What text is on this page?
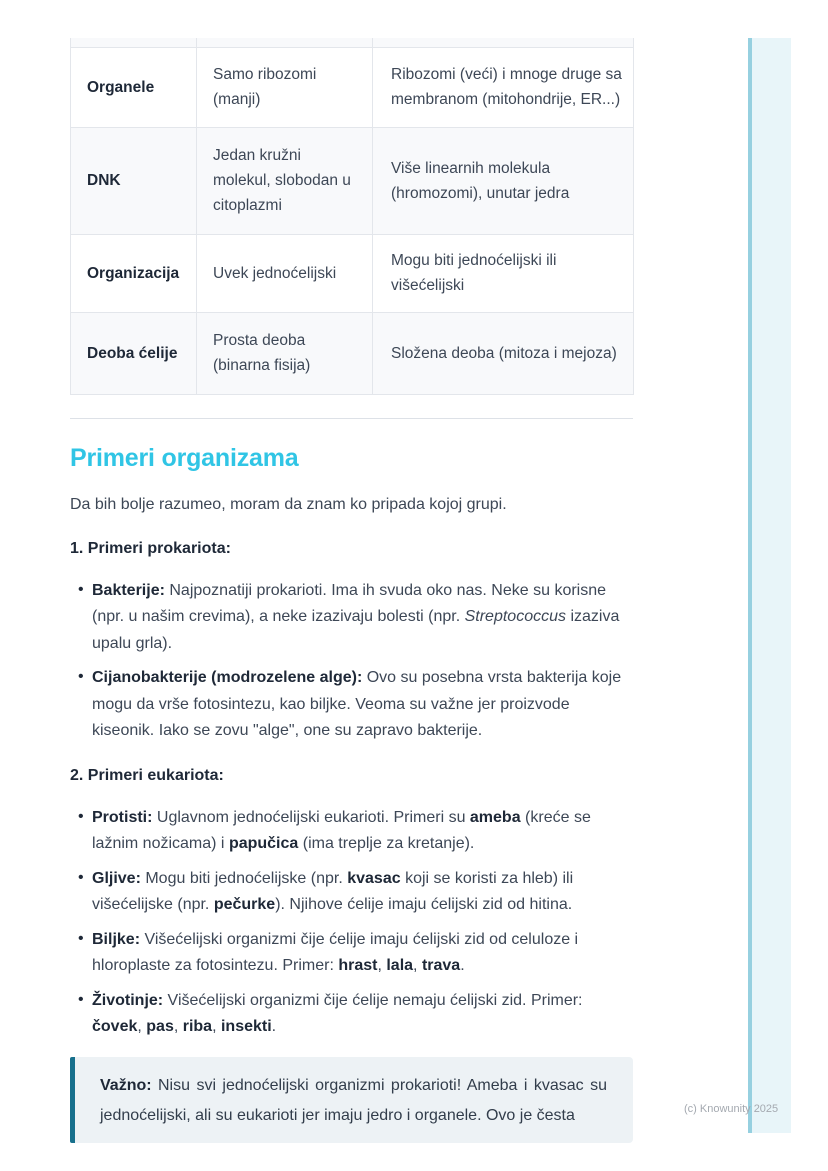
(c) Knowunity 2025

Organele	Samo ribozomi (manji)	Ribozomi (veći) i mnoge druge sa membranom (mitohondrije, ER...)
DNK	Jedan kružni molekul, slobodan u citoplazmi	Više linearnih molekula (hromozomi), unutar jedra
Organizacija	Uvek jednoćelijski	Mogu biti jednoćelijski ili višećelijski
Deoba ćelije	Prosta deoba (binarna fisija)	Složena deoba (mitoza i mejoza)
Primeri organizama

Da bih bolje razumeo, moram da znam ko pripada kojoj grupi.

1. Primeri prokariota:

• Bakterije: Najpoznatiji prokarioti. Ima ih svuda oko nas. Neke su korisne (npr. u našim crevima), a neke izazivaju bolesti (npr. Streptococcus izaziva upalu grla).
• Cijanobakterije (modrozelene alge): Ovo su posebna vrsta bakterija koje mogu da vrše fotosintezu, kao biljke. Veoma su važne jer proizvode kiseonik. Iako se zovu "alge", one su zapravo bakterije.

2. Primeri eukariota:

• Protisti: Uglavnom jednoćelijski eukarioti. Primeri su ameba (kreće se lažnim nožicama) i papučica (ima treplje za kretanje).
• Gljive: Mogu biti jednoćelijske (npr. kvasac koji se koristi za hleb) ili višećelijske (npr. pečurke). Njihove ćelije imaju ćelijski zid od hitina.
• Biljke: Višećelijski organizmi čije ćelije imaju ćelijski zid od celuloze i hloroplaste za fotosintezu. Primer: hrast, lala, trava.
• Životinje: Višećelijski organizmi čije ćelije nemaju ćelijski zid. Primer: čovek, pas, riba, insekti.
Važno: Nisu svi jednoćelijski organizmi prokarioti! Ameba i kvasac su jednoćelijski, ali su eukarioti jer imaju jedro i organele. Ovo je česta
